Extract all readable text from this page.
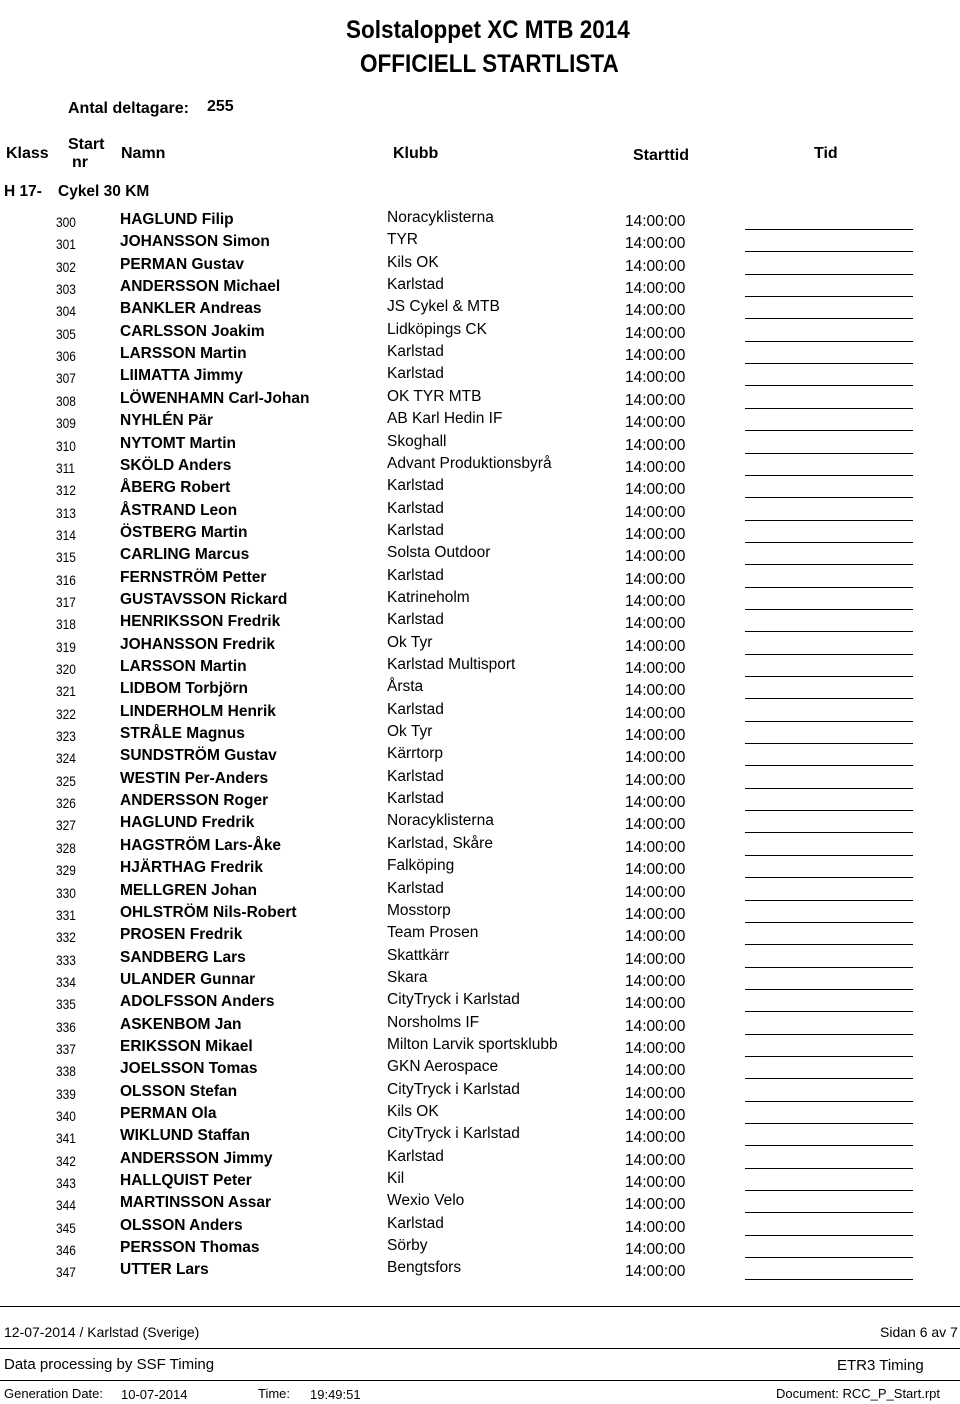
Solstaloppet XC MTB 2014
OFFICIELL STARTLISTA
Antal deltagare: 255
Klass
Start
nr
Namn	Klubb	Starttid	Tid
H 17- Cykel 30 KM
300	HAGLUND Filip	Noracyklisterna	14:00:00
301	JOHANSSON Simon	TYR	14:00:00
302	PERMAN Gustav	Kils OK	14:00:00
303	ANDERSSON Michael	Karlstad	14:00:00
304	BANKLER Andreas	JS Cykel & MTB	14:00:00
305	CARLSSON Joakim	Lidköpings CK	14:00:00
306	LARSSON Martin	Karlstad	14:00:00
307	LIIMATTA Jimmy	Karlstad	14:00:00
308	LÖWENHAMN Carl-Johan	OK TYR MTB	14:00:00
309	NYHLÉN Pär	AB Karl Hedin IF	14:00:00
310	NYTOMT Martin	Skoghall	14:00:00
311	SKÖLD Anders	Advant Produktionsbyrå	14:00:00
312	ÅBERG Robert	Karlstad	14:00:00
313	ÅSTRAND Leon	Karlstad	14:00:00
314	ÖSTBERG Martin	Karlstad	14:00:00
315	CARLING Marcus	Solsta Outdoor	14:00:00
316	FERNSTRÖM Petter	Karlstad	14:00:00
317	GUSTAVSSON Rickard	Katrineholm	14:00:00
318	HENRIKSSON Fredrik	Karlstad	14:00:00
319	JOHANSSON Fredrik	Ok Tyr	14:00:00
320	LARSSON Martin	Karlstad Multisport	14:00:00
321	LIDBOM Torbjörn	Årsta	14:00:00
322	LINDERHOLM Henrik	Karlstad	14:00:00
323	STRÅLE Magnus	Ok Tyr	14:00:00
324	SUNDSTRÖM Gustav	Kärrtorp	14:00:00
325	WESTIN Per-Anders	Karlstad	14:00:00
326	ANDERSSON Roger	Karlstad	14:00:00
327	HAGLUND Fredrik	Noracyklisterna	14:00:00
328	HAGSTRÖM Lars-Åke	Karlstad, Skåre	14:00:00
329	HJÄRTHAG Fredrik	Falköping	14:00:00
330	MELLGREN Johan	Karlstad	14:00:00
331	OHLSTRÖM Nils-Robert	Mosstorp	14:00:00
332	PROSEN Fredrik	Team Prosen	14:00:00
333	SANDBERG Lars	Skattkärr	14:00:00
334	ULANDER Gunnar	Skara	14:00:00
335	ADOLFSSON Anders	CityTryck i Karlstad	14:00:00
336	ASKENBOM Jan	Norsholms IF	14:00:00
337	ERIKSSON Mikael	Milton Larvik sportsklubb	14:00:00
338	JOELSSON Tomas	GKN Aerospace	14:00:00
339	OLSSON Stefan	CityTryck i Karlstad	14:00:00
340	PERMAN Ola	Kils OK	14:00:00
341	WIKLUND Staffan	CityTryck i Karlstad	14:00:00
342	ANDERSSON Jimmy	Karlstad	14:00:00
343	HALLQUIST Peter	Kil	14:00:00
344	MARTINSSON Assar	Wexio Velo	14:00:00
345	OLSSON Anders	Karlstad	14:00:00
346	PERSSON Thomas	Sörby	14:00:00
347	UTTER Lars	Bengtsfors	14:00:00
12-07-2014 / Karlstad (Sverige)	Sidan 6 av 7
Data processing by SSF Timing	ETR3 Timing
Generation Date: 10-07-2014	Time: 19:49:51	Document: RCC_P_Start.rpt
